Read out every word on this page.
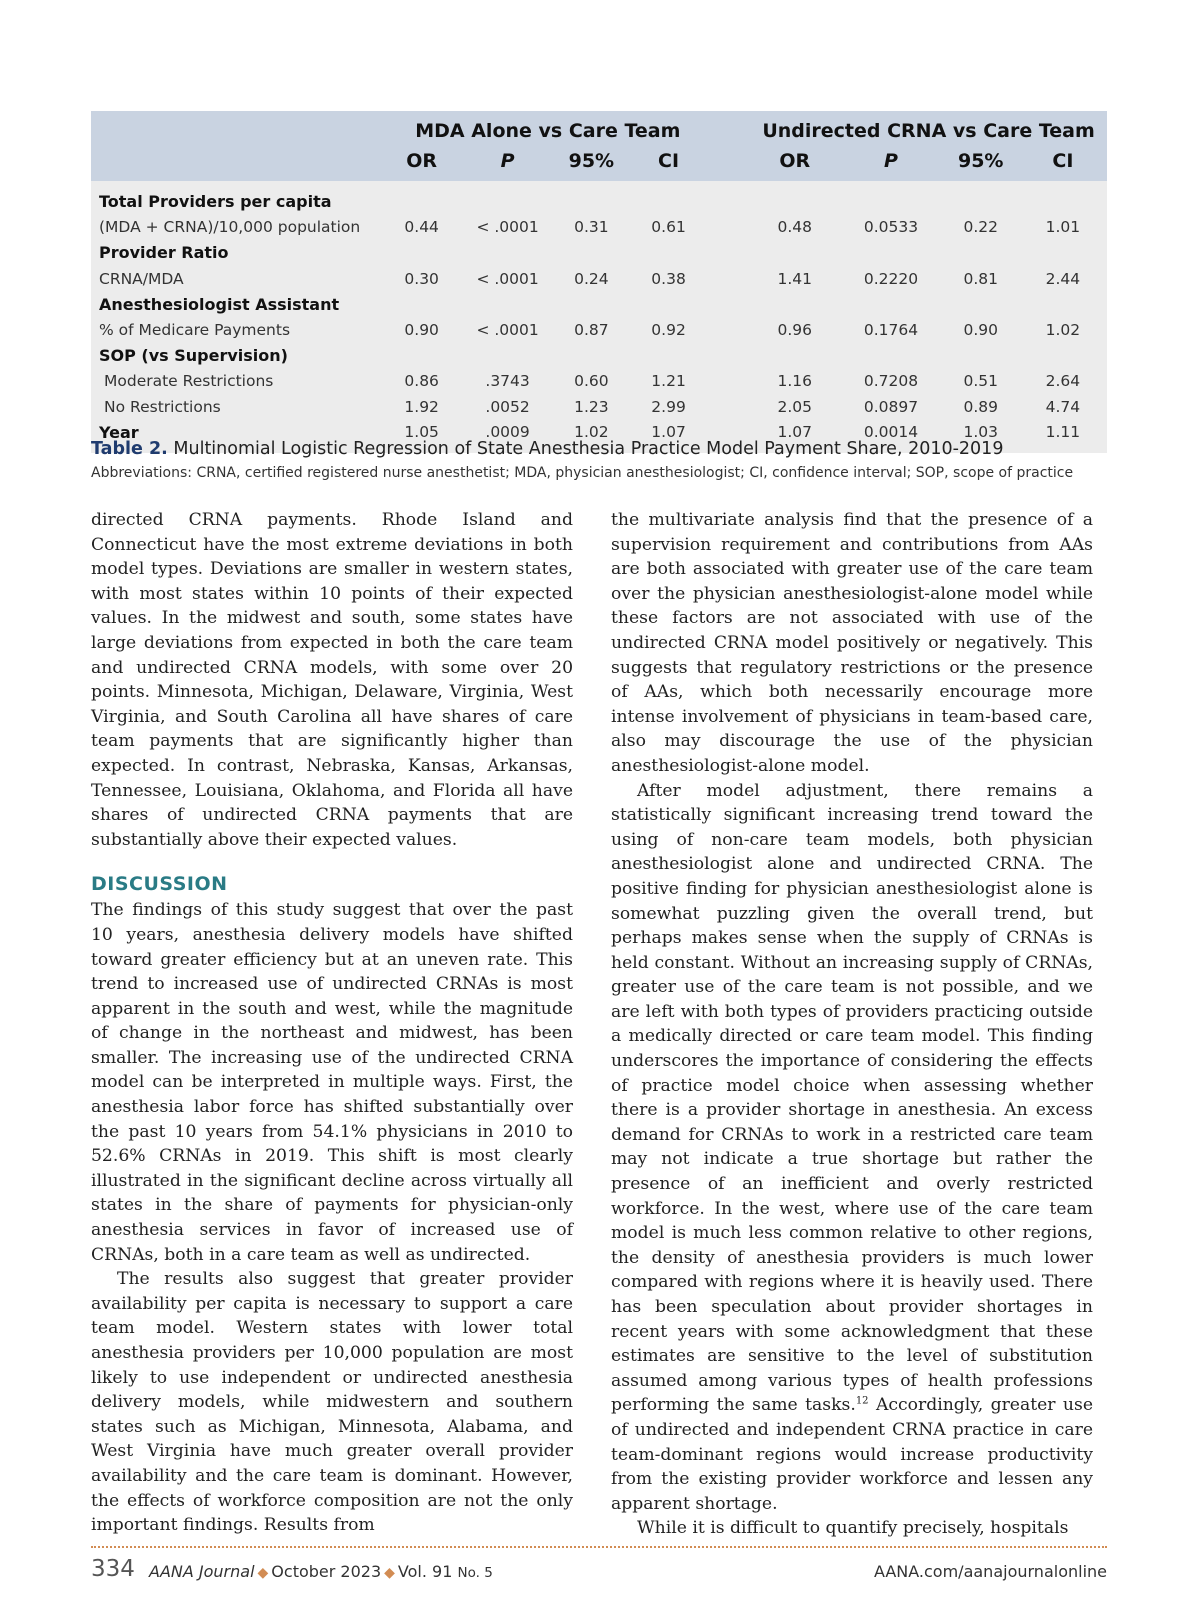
	MDA Alone vs Care Team					Undirected CRNA vs Care Team			
	OR	P	95%	CI		OR	P	95%	CI
Total Providers per capita									
(MDA + CRNA)/10,000 population	0.44	< .0001	0.31	0.61		0.48	0.0533	0.22	1.01
Provider Ratio									
CRNA/MDA	0.30	< .0001	0.24	0.38		1.41	0.2220	0.81	2.44
Anesthesiologist Assistant									
% of Medicare Payments	0.90	< .0001	0.87	0.92		0.96	0.1764	0.90	1.02
SOP (vs Supervision)									
Moderate Restrictions	0.86	.3743	0.60	1.21		1.16	0.7208	0.51	2.64
No Restrictions	1.92	.0052	1.23	2.99		2.05	0.0897	0.89	4.74
Year	1.05	.0009	1.02	1.07		1.07	0.0014	1.03	1.11
Table 2. Multinomial Logistic Regression of State Anesthesia Practice Model Payment Share, 2010-2019
Abbreviations: CRNA, certified registered nurse anesthetist; MDA, physician anesthesiologist; CI, confidence interval; SOP, scope of practice

directed CRNA payments. Rhode Island and Connecticut have the most extreme deviations in both model types. Deviations are smaller in western states, with most states within 10 points of their expected values. In the midwest and south, some states have large deviations from expected in both the care team and undirected CRNA models, with some over 20 points. Minnesota, Michigan, Delaware, Virginia, West Virginia, and South Carolina all have shares of care team payments that are significantly higher than expected. In contrast, Nebraska, Kansas, Arkansas, Tennessee, Louisiana, Oklahoma, and Florida all have shares of undirected CRNA payments that are substantially above their expected values.

DISCUSSION

The findings of this study suggest that over the past 10 years, anesthesia delivery models have shifted toward greater efficiency but at an uneven rate. This trend to increased use of undirected CRNAs is most apparent in the south and west, while the magnitude of change in the northeast and midwest, has been smaller. The increasing use of the undirected CRNA model can be interpreted in multiple ways. First, the anesthesia labor force has shifted substantially over the past 10 years from 54.1% physicians in 2010 to 52.6% CRNAs in 2019. This shift is most clearly illustrated in the significant decline across virtually all states in the share of payments for physician-only anesthesia services in favor of increased use of CRNAs, both in a care team as well as undirected.

The results also suggest that greater provider availability per capita is necessary to support a care team model. Western states with lower total anesthesia providers per 10,000 population are most likely to use independent or undirected anesthesia delivery models, while midwestern and southern states such as Michigan, Minnesota, Alabama, and West Virginia have much greater overall provider availability and the care team is dominant. However, the effects of workforce composition are not the only important findings. Results from

the multivariate analysis find that the presence of a supervision requirement and contributions from AAs are both associated with greater use of the care team over the physician anesthesiologist-alone model while these factors are not associated with use of the undirected CRNA model positively or negatively. This suggests that regulatory restrictions or the presence of AAs, which both necessarily encourage more intense involvement of physicians in team-based care, also may discourage the use of the physician anesthesiologist-alone model.

After model adjustment, there remains a statistically significant increasing trend toward the using of non-care team models, both physician anesthesiologist alone and undirected CRNA. The positive finding for physician anesthesiologist alone is somewhat puzzling given the overall trend, but perhaps makes sense when the supply of CRNAs is held constant. Without an increasing supply of CRNAs, greater use of the care team is not possible, and we are left with both types of providers practicing outside a medically directed or care team model. This finding underscores the importance of considering the effects of practice model choice when assessing whether there is a provider shortage in anesthesia. An excess demand for CRNAs to work in a restricted care team may not indicate a true shortage but rather the presence of an inefficient and overly restricted workforce. In the west, where use of the care team model is much less common relative to other regions, the density of anesthesia providers is much lower compared with regions where it is heavily used. There has been speculation about provider shortages in recent years with some acknowledgment that these estimates are sensitive to the level of substitution assumed among various types of health professions performing the same tasks.$^{12}$ Accordingly, greater use of undirected and independent CRNA practice in care team-dominant regions would increase productivity from the existing provider workforce and lessen any apparent shortage.

While it is difficult to quantify precisely, hospitals

334 AANA Journal ◆ October 2023 ◆ Vol. 91 No. 5	AANA.com/aanajournalonline
